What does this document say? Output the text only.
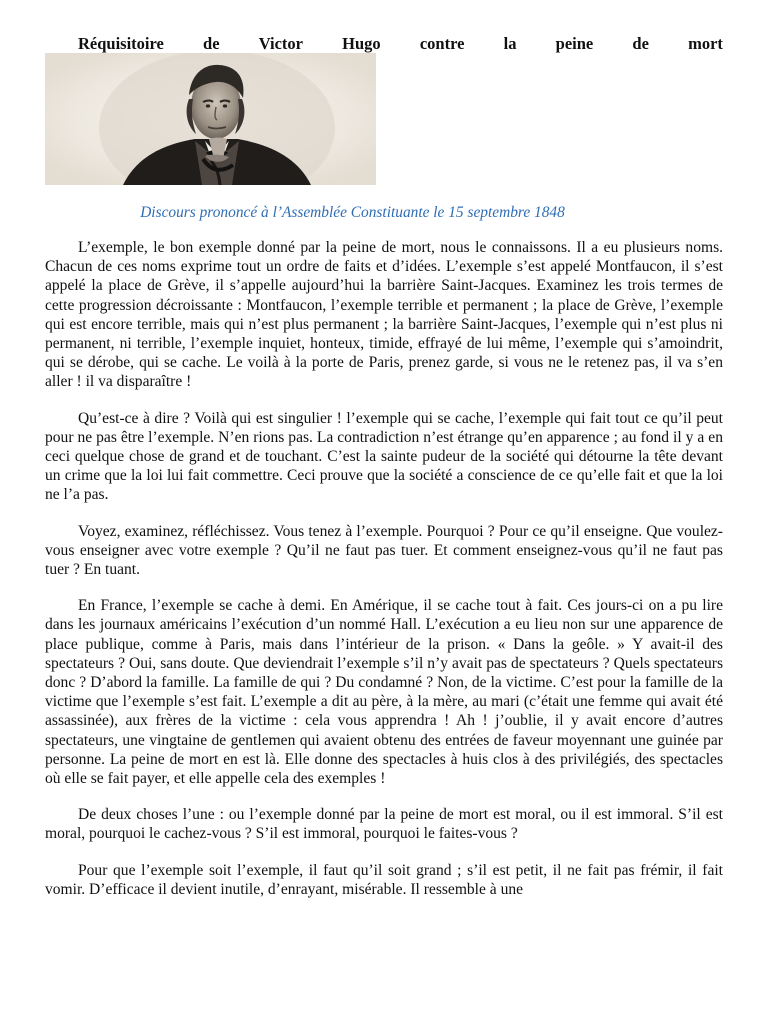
Réquisitoire de Victor Hugo contre la peine de mort
Discours prononcé à l’Assemblée Constituante le 15 septembre 1848

L’exemple, le bon exemple donné par la peine de mort, nous le connaissons. Il a eu plusieurs noms. Chacun de ces noms exprime tout un ordre de faits et d’idées. L’exemple s’est appelé Montfaucon, il s’est appelé la place de Grève, il s’appelle aujourd’hui la barrière Saint-Jacques. Examinez les trois termes de cette progression décroissante : Montfaucon, l’exemple terrible et permanent ; la place de Grève, l’exemple qui est encore terrible, mais qui n’est plus permanent ; la barrière Saint-Jacques, l’exemple qui n’est plus ni permanent, ni terrible, l’exemple inquiet, honteux, timide, effrayé de lui même, l’exemple qui s’amoindrit, qui se dérobe, qui se cache. Le voilà à la porte de Paris, prenez garde, si vous ne le retenez pas, il va s’en aller ! il va disparaître !

Qu’est-ce à dire ? Voilà qui est singulier ! l’exemple qui se cache, l’exemple qui fait tout ce qu’il peut pour ne pas être l’exemple. N’en rions pas. La contradiction n’est étrange qu’en apparence ; au fond il y a en ceci quelque chose de grand et de touchant. C’est la sainte pudeur de la société qui détourne la tête devant un crime que la loi lui fait commettre. Ceci prouve que la société a conscience de ce qu’elle fait et que la loi ne l’a pas.

Voyez, examinez, réfléchissez. Vous tenez à l’exemple. Pourquoi ? Pour ce qu’il enseigne. Que voulez-vous enseigner avec votre exemple ? Qu’il ne faut pas tuer. Et comment enseignez-vous qu’il ne faut pas tuer ? En tuant.

En France, l’exemple se cache à demi. En Amérique, il se cache tout à fait. Ces jours-ci on a pu lire dans les journaux américains l’exécution d’un nommé Hall. L’exécution a eu lieu non sur une apparence de place publique, comme à Paris, mais dans l’intérieur de la prison. « Dans la geôle. » Y avait-il des spectateurs ? Oui, sans doute. Que deviendrait l’exemple s’il n’y avait pas de spectateurs ? Quels spectateurs donc ? D’abord la famille. La famille de qui ? Du condamné ? Non, de la victime. C’est pour la famille de la victime que l’exemple s’est fait. L’exemple a dit au père, à la mère, au mari (c’était une femme qui avait été assassinée), aux frères de la victime : cela vous apprendra ! Ah ! j’oublie, il y avait encore d’autres spectateurs, une vingtaine de gentlemen qui avaient obtenu des entrées de faveur moyennant une guinée par personne. La peine de mort en est là. Elle donne des spectacles à huis clos à des privilégiés, des spectacles où elle se fait payer, et elle appelle cela des exemples !

De deux choses l’une : ou l’exemple donné par la peine de mort est moral, ou il est immoral. S’il est moral, pourquoi le cachez-vous ? S’il est immoral, pourquoi le faites-vous ?

Pour que l’exemple soit l’exemple, il faut qu’il soit grand ; s’il est petit, il ne fait pas frémir, il fait vomir. D’efficace il devient inutile, d’enrayant, misérable. Il ressemble à une
